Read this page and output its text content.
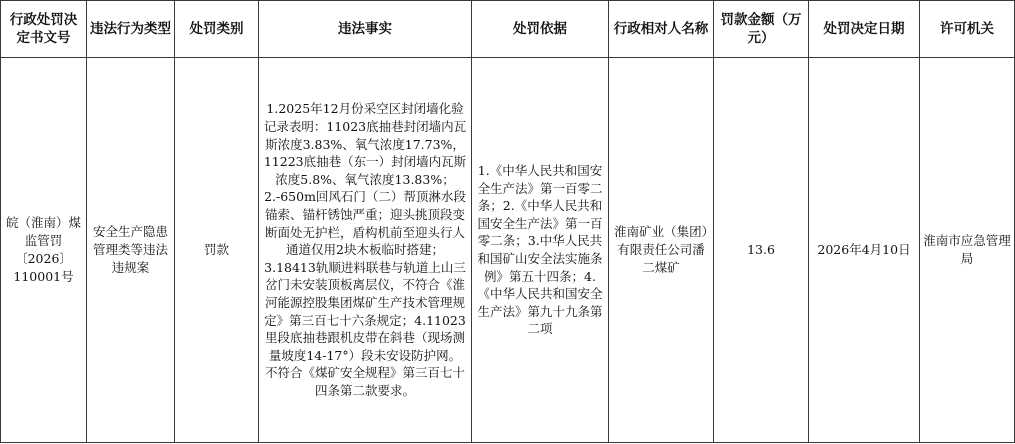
行政处罚决定书文号	违法行为类型	处罚类别	违法事实	处罚依据	行政相对人名称	罚款金额（万元）	处罚决定日期	许可机关
皖（淮南）煤监管罚〔2026〕110001号	安全生产隐患管理类等违法违规案	罚款	1.2025年12月份采空区封闭墙化验记录表明：11023底抽巷封闭墙内瓦斯浓度3.83%、氧气浓度17.73%，11223底抽巷（东一）封闭墙内瓦斯浓度5.8%、氧气浓度13.83%；2.-650m回风石门（二）帮顶淋水段锚索、锚杆锈蚀严重；迎头挑顶段变断面处无护栏，盾构机前至迎头行人通道仅用2块木板临时搭建；3.18413轨顺进料联巷与轨道上山三岔门未安装顶板离层仪，不符合《淮河能源控股集团煤矿生产技术管理规定》第三百七十六条规定；4.11023里段底抽巷跟机皮带在斜巷（现场测量坡度14-17°）段未安设防护网。不符合《煤矿安全规程》第三百七十四条第二款要求。	1.《中华人民共和国安全生产法》第一百零二条；2.《中华人民共和国安全生产法》第一百零二条；3.中华人民共和国矿山安全法实施条例》第五十四条；4.《中华人民共和国安全生产法》第九十九条第二项	淮南矿业（集团）有限责任公司潘二煤矿	13.6	2026年4月10日	淮南市应急管理局
